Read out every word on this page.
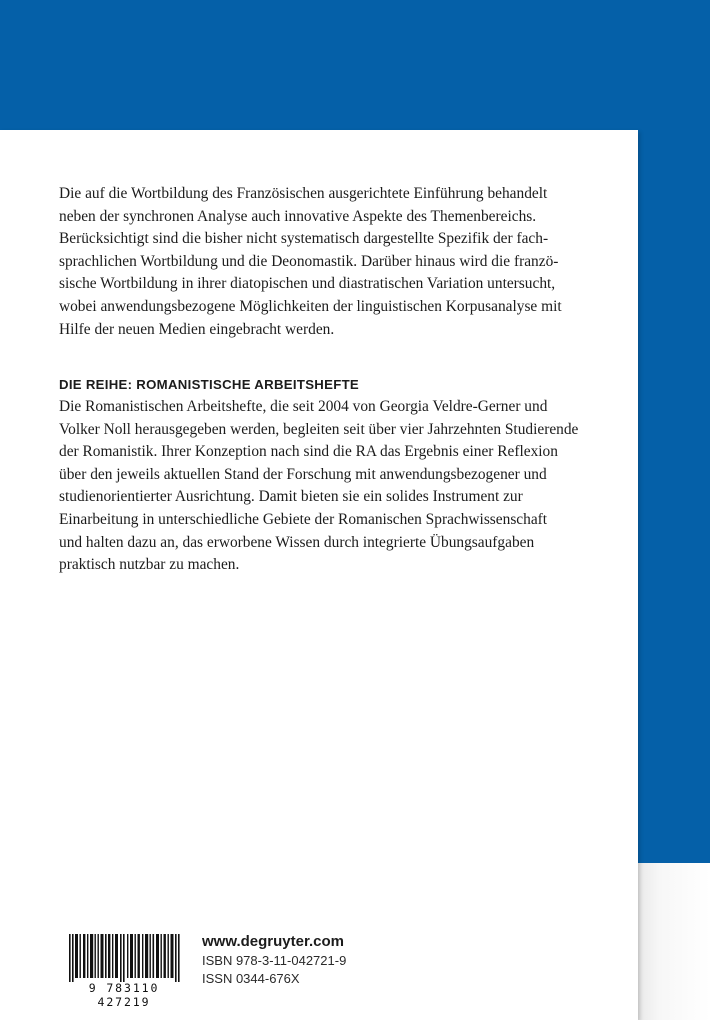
Die auf die Wortbildung des Französischen ausgerichtete Einführung behandelt
neben der synchronen Analyse auch innovative Aspekte des Themenbereichs.
Berücksichtigt sind die bisher nicht systematisch dargestellte Spezifik der fach-
sprachlichen Wortbildung und die Deonomastik. Darüber hinaus wird die franzö-
sische Wortbildung in ihrer diatopischen und diastratischen Variation untersucht,
wobei anwendungsbezogene Möglichkeiten der linguistischen Korpusanalyse mit
Hilfe der neuen Medien eingebracht werden.
DIE REIHE: ROMANISTISCHE ARBEITSHEFTE
Die Romanistischen Arbeitshefte, die seit 2004 von Georgia Veldre-Gerner und
Volker Noll herausgegeben werden, begleiten seit über vier Jahrzehnten Studierende
der Romanistik. Ihrer Konzeption nach sind die RA das Ergebnis einer Reflexion
über den jeweils aktuellen Stand der Forschung mit anwendungsbezogener und
studienorientierter Ausrichtung. Damit bieten sie ein solides Instrument zur
Einarbeitung in unterschiedliche Gebiete der Romanischen Sprachwissenschaft
und halten dazu an, das erworbene Wissen durch integrierte Übungsaufgaben
praktisch nutzbar zu machen.
9 783110 427219
www.degruyter.com
ISBN 978-3-11-042721-9
ISSN 0344-676X
